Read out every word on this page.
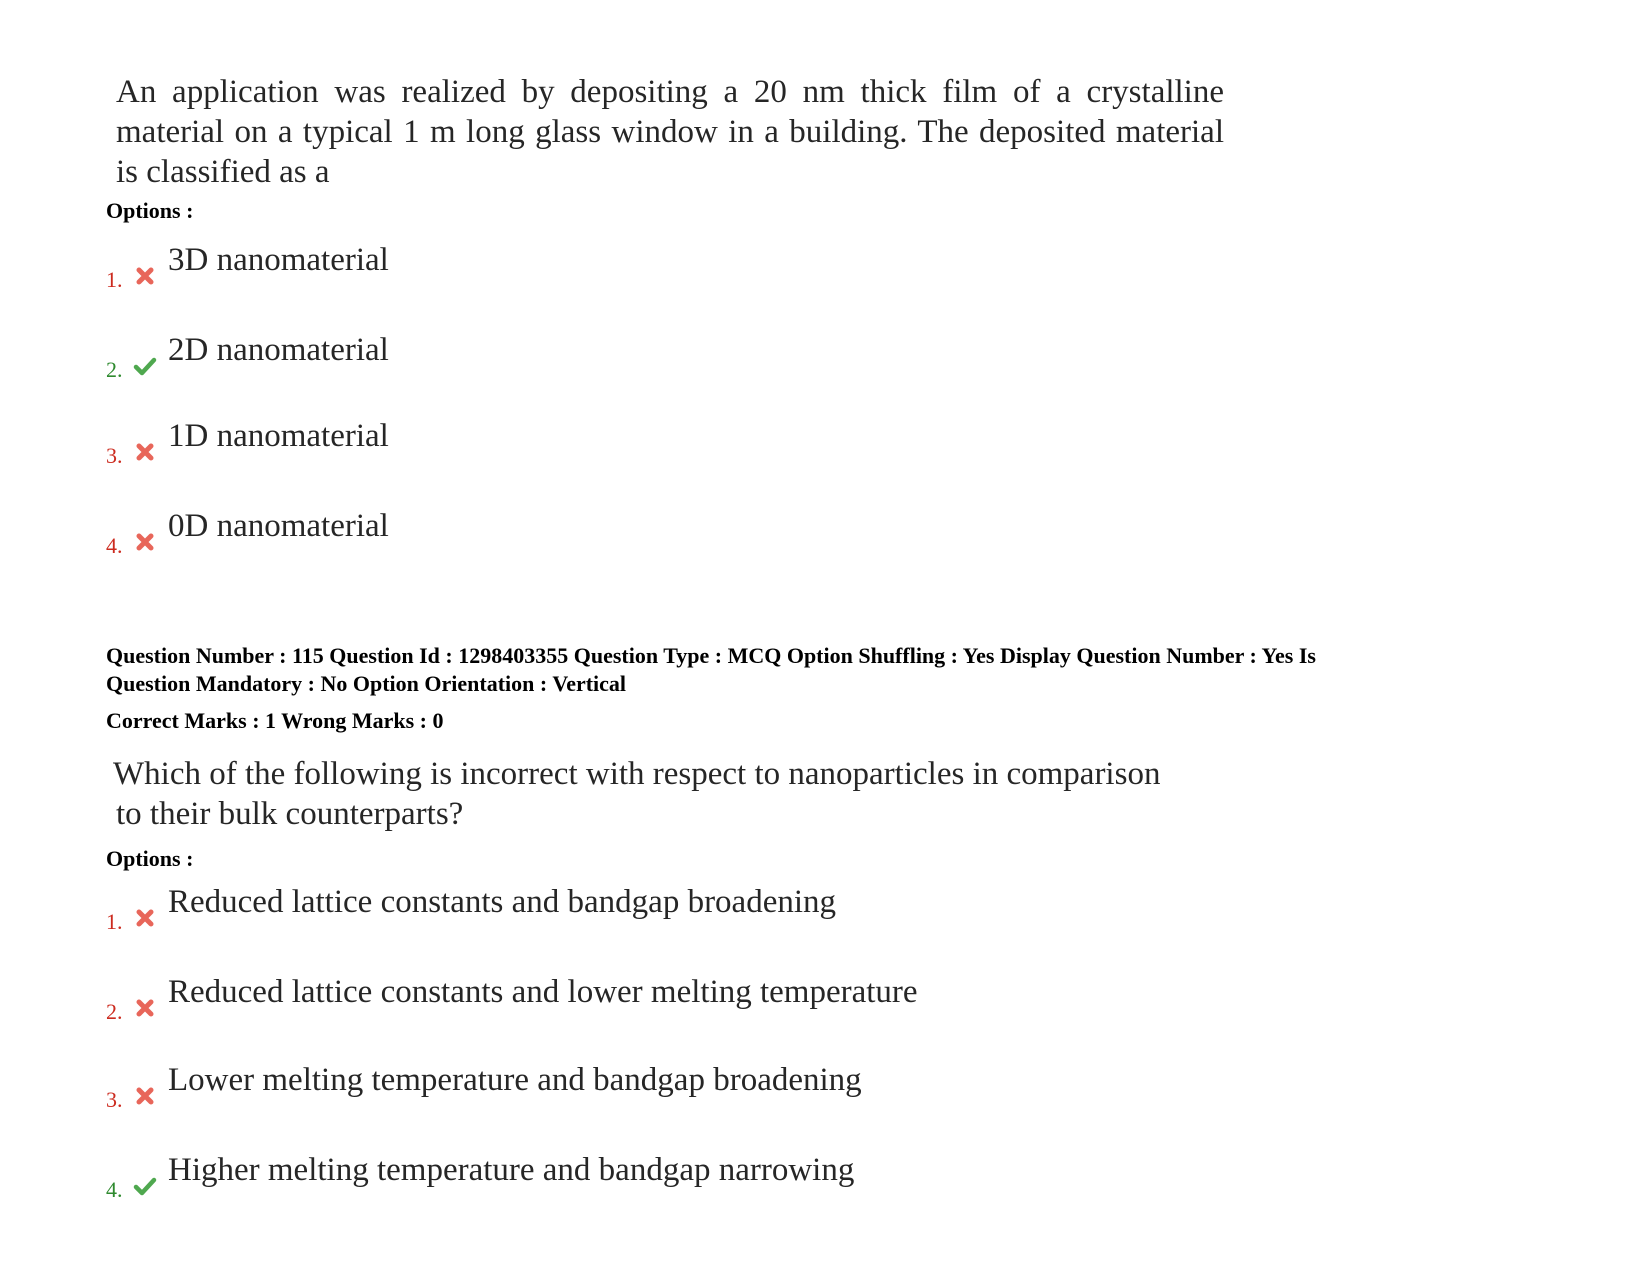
An application was realized by depositing a 20 nm thick film of a crystalline material on a typical 1 m long glass window in a building. The deposited material is classified as a
Options :
1.
3D nanomaterial
2.
2D nanomaterial
3.
1D nanomaterial
4.
0D nanomaterial
Question Number : 115 Question Id : 1298403355 Question Type : MCQ Option Shuffling : Yes Display Question Number : Yes Is
Question Mandatory : No Option Orientation : Vertical
Correct Marks : 1 Wrong Marks : 0
Which of the following is incorrect with respect to nanoparticles in comparison
to their bulk counterparts?
Options :
1.
Reduced lattice constants and bandgap broadening
2.
Reduced lattice constants and lower melting temperature
3.
Lower melting temperature and bandgap broadening
4.
Higher melting temperature and bandgap narrowing
